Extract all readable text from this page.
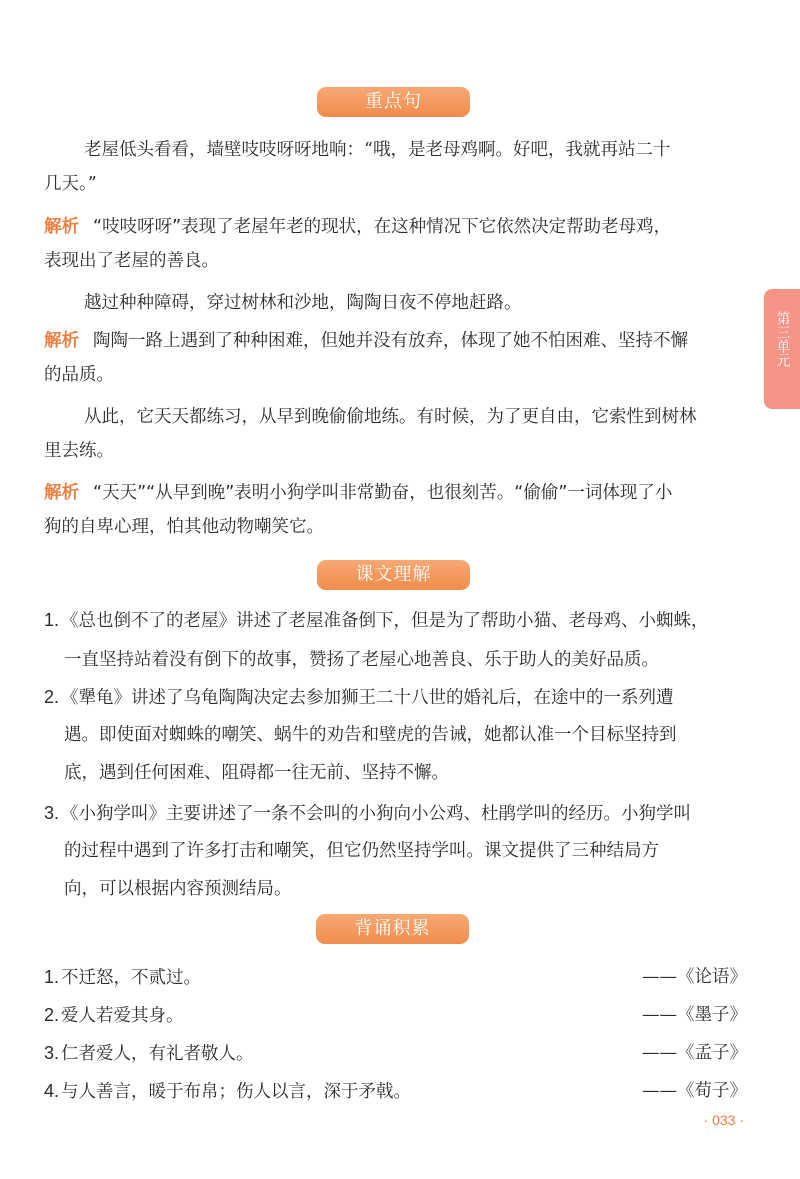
重点句
老屋低头看看，墙壁吱吱呀呀地响：“哦，是老母鸡啊。好吧，我就再站二十
几天。”
解析 “吱吱呀呀”表现了老屋年老的现状，在这种情况下它依然决定帮助老母鸡，
表现出了老屋的善良。
越过种种障碍，穿过树林和沙地，陶陶日夜不停地赶路。
解析 陶陶一路上遇到了种种困难，但她并没有放弃，体现了她不怕困难、坚持不懈
的品质。
从此，它天天都练习，从早到晚偷偷地练。有时候，为了更自由，它索性到树林
里去练。
解析 “天天”“从早到晚”表明小狗学叫非常勤奋，也很刻苦。“偷偷”一词体现了小
狗的自卑心理，怕其他动物嘲笑它。
课文理解
1. 《总也倒不了的老屋》讲述了老屋准备倒下，但是为了帮助小猫、老母鸡、小蜘蛛，
一直坚持站着没有倒下的故事，赞扬了老屋心地善良、乐于助人的美好品质。
2. 《犟龟》讲述了乌龟陶陶决定去参加狮王二十八世的婚礼后，在途中的一系列遭
遇。即使面对蜘蛛的嘲笑、蜗牛的劝告和壁虎的告诫，她都认准一个目标坚持到
底，遇到任何困难、阻碍都一往无前、坚持不懈。
3. 《小狗学叫》主要讲述了一条不会叫的小狗向小公鸡、杜鹃学叫的经历。小狗学叫
的过程中遇到了许多打击和嘲笑，但它仍然坚持学叫。课文提供了三种结局方
向，可以根据内容预测结局。
背诵积累
1. 不迁怒，不贰过。	——《论语》
2. 爱人若爱其身。	——《墨子》
3. 仁者爱人，有礼者敬人。	——《孟子》
4. 与人善言，暖于布帛；伤人以言，深于矛戟。	——《荀子》
第三单元
· 033 ·
